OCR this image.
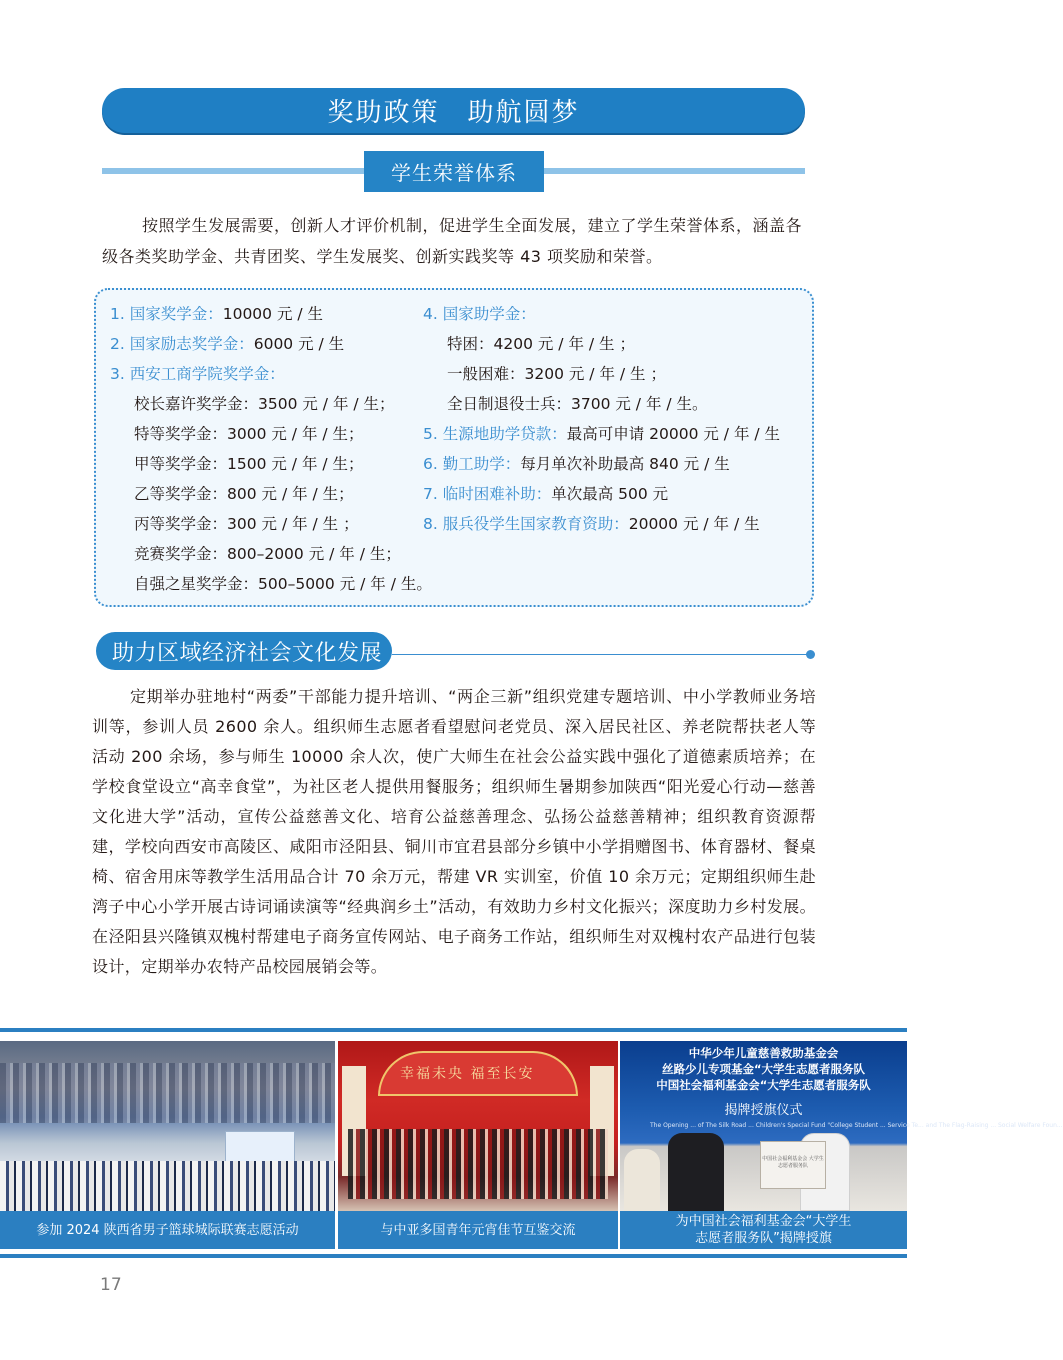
奖助政策 助航圆梦
学生荣誉体系

按照学生发展需要，创新人才评价机制，促进学生全面发展，建立了学生荣誉体系，涵盖各级各类奖助学金、共青团奖、学生发展奖、创新实践奖等 43 项奖励和荣誉。

1. 国家奖学金：10000 元 / 生
2. 国家励志奖学金：6000 元 / 生
3. 西安工商学院奖学金：
校长嘉许奖学金：3500 元 / 年 / 生；
特等奖学金：3000 元 / 年 / 生；
甲等奖学金：1500 元 / 年 / 生；
乙等奖学金：800 元 / 年 / 生；
丙等奖学金：300 元 / 年 / 生 ；
竞赛奖学金：800–2000 元 / 年 / 生；
自强之星奖学金：500–5000 元 / 年 / 生。
4. 国家助学金：
特困：4200 元 / 年 / 生 ；
一般困难：3200 元 / 年 / 生 ；
全日制退役士兵：3700 元 / 年 / 生。
5. 生源地助学贷款：最高可申请 20000 元 / 年 / 生
6. 勤工助学：每月单次补助最高 840 元 / 生
7. 临时困难补助：单次最高 500 元
8. 服兵役学生国家教育资助：20000 元 / 年 / 生
助力区域经济社会文化发展

定期举办驻地村“两委”干部能力提升培训、“两企三新”组织党建专题培训、中小学教师业务培训等，参训人员 2600 余人。组织师生志愿者看望慰问老党员、深入居民社区、养老院帮扶老人等活动 200 余场，参与师生 10000 余人次，使广大师生在社会公益实践中强化了道德素质培养；在学校食堂设立“高幸食堂”，为社区老人提供用餐服务；组织师生暑期参加陕西“阳光爱心行动—慈善文化进大学”活动，宣传公益慈善文化、培育公益慈善理念、弘扬公益慈善精神；组织教育资源帮建，学校向西安市高陵区、咸阳市泾阳县、铜川市宜君县部分乡镇中小学捐赠图书、体育器材、餐桌椅、宿舍用床等教学生活用品合计 70 余万元，帮建 VR 实训室，价值 10 余万元；定期组织师生赴湾子中心小学开展古诗词诵读演等“经典润乡土”活动，有效助力乡村文化振兴；深度助力乡村发展。在泾阳县兴隆镇双槐村帮建电子商务宣传网站、电子商务工作站，组织师生对双槐村农产品进行包装设计，定期举办农特产品校园展销会等。

幸福未央 福至长安
中华少年儿童慈善救助基金会
丝路少儿专项基金“大学生志愿者服务队
中国社会福利基金会“大学生志愿者服务队
揭牌授旗仪式
The Opening ... of The Silk Road ... Children's Special Fund "College Student ... Service Te... and The Flag-Raising ... Social Welfare Foun...
中国社会福利基金会 大学生志愿者服务队
参加 2024 陕西省男子篮球城际联赛志愿活动	与中亚多国青年元宵佳节互鉴交流
为中国社会福利基金会“大学生
志愿者服务队”揭牌授旗
17
